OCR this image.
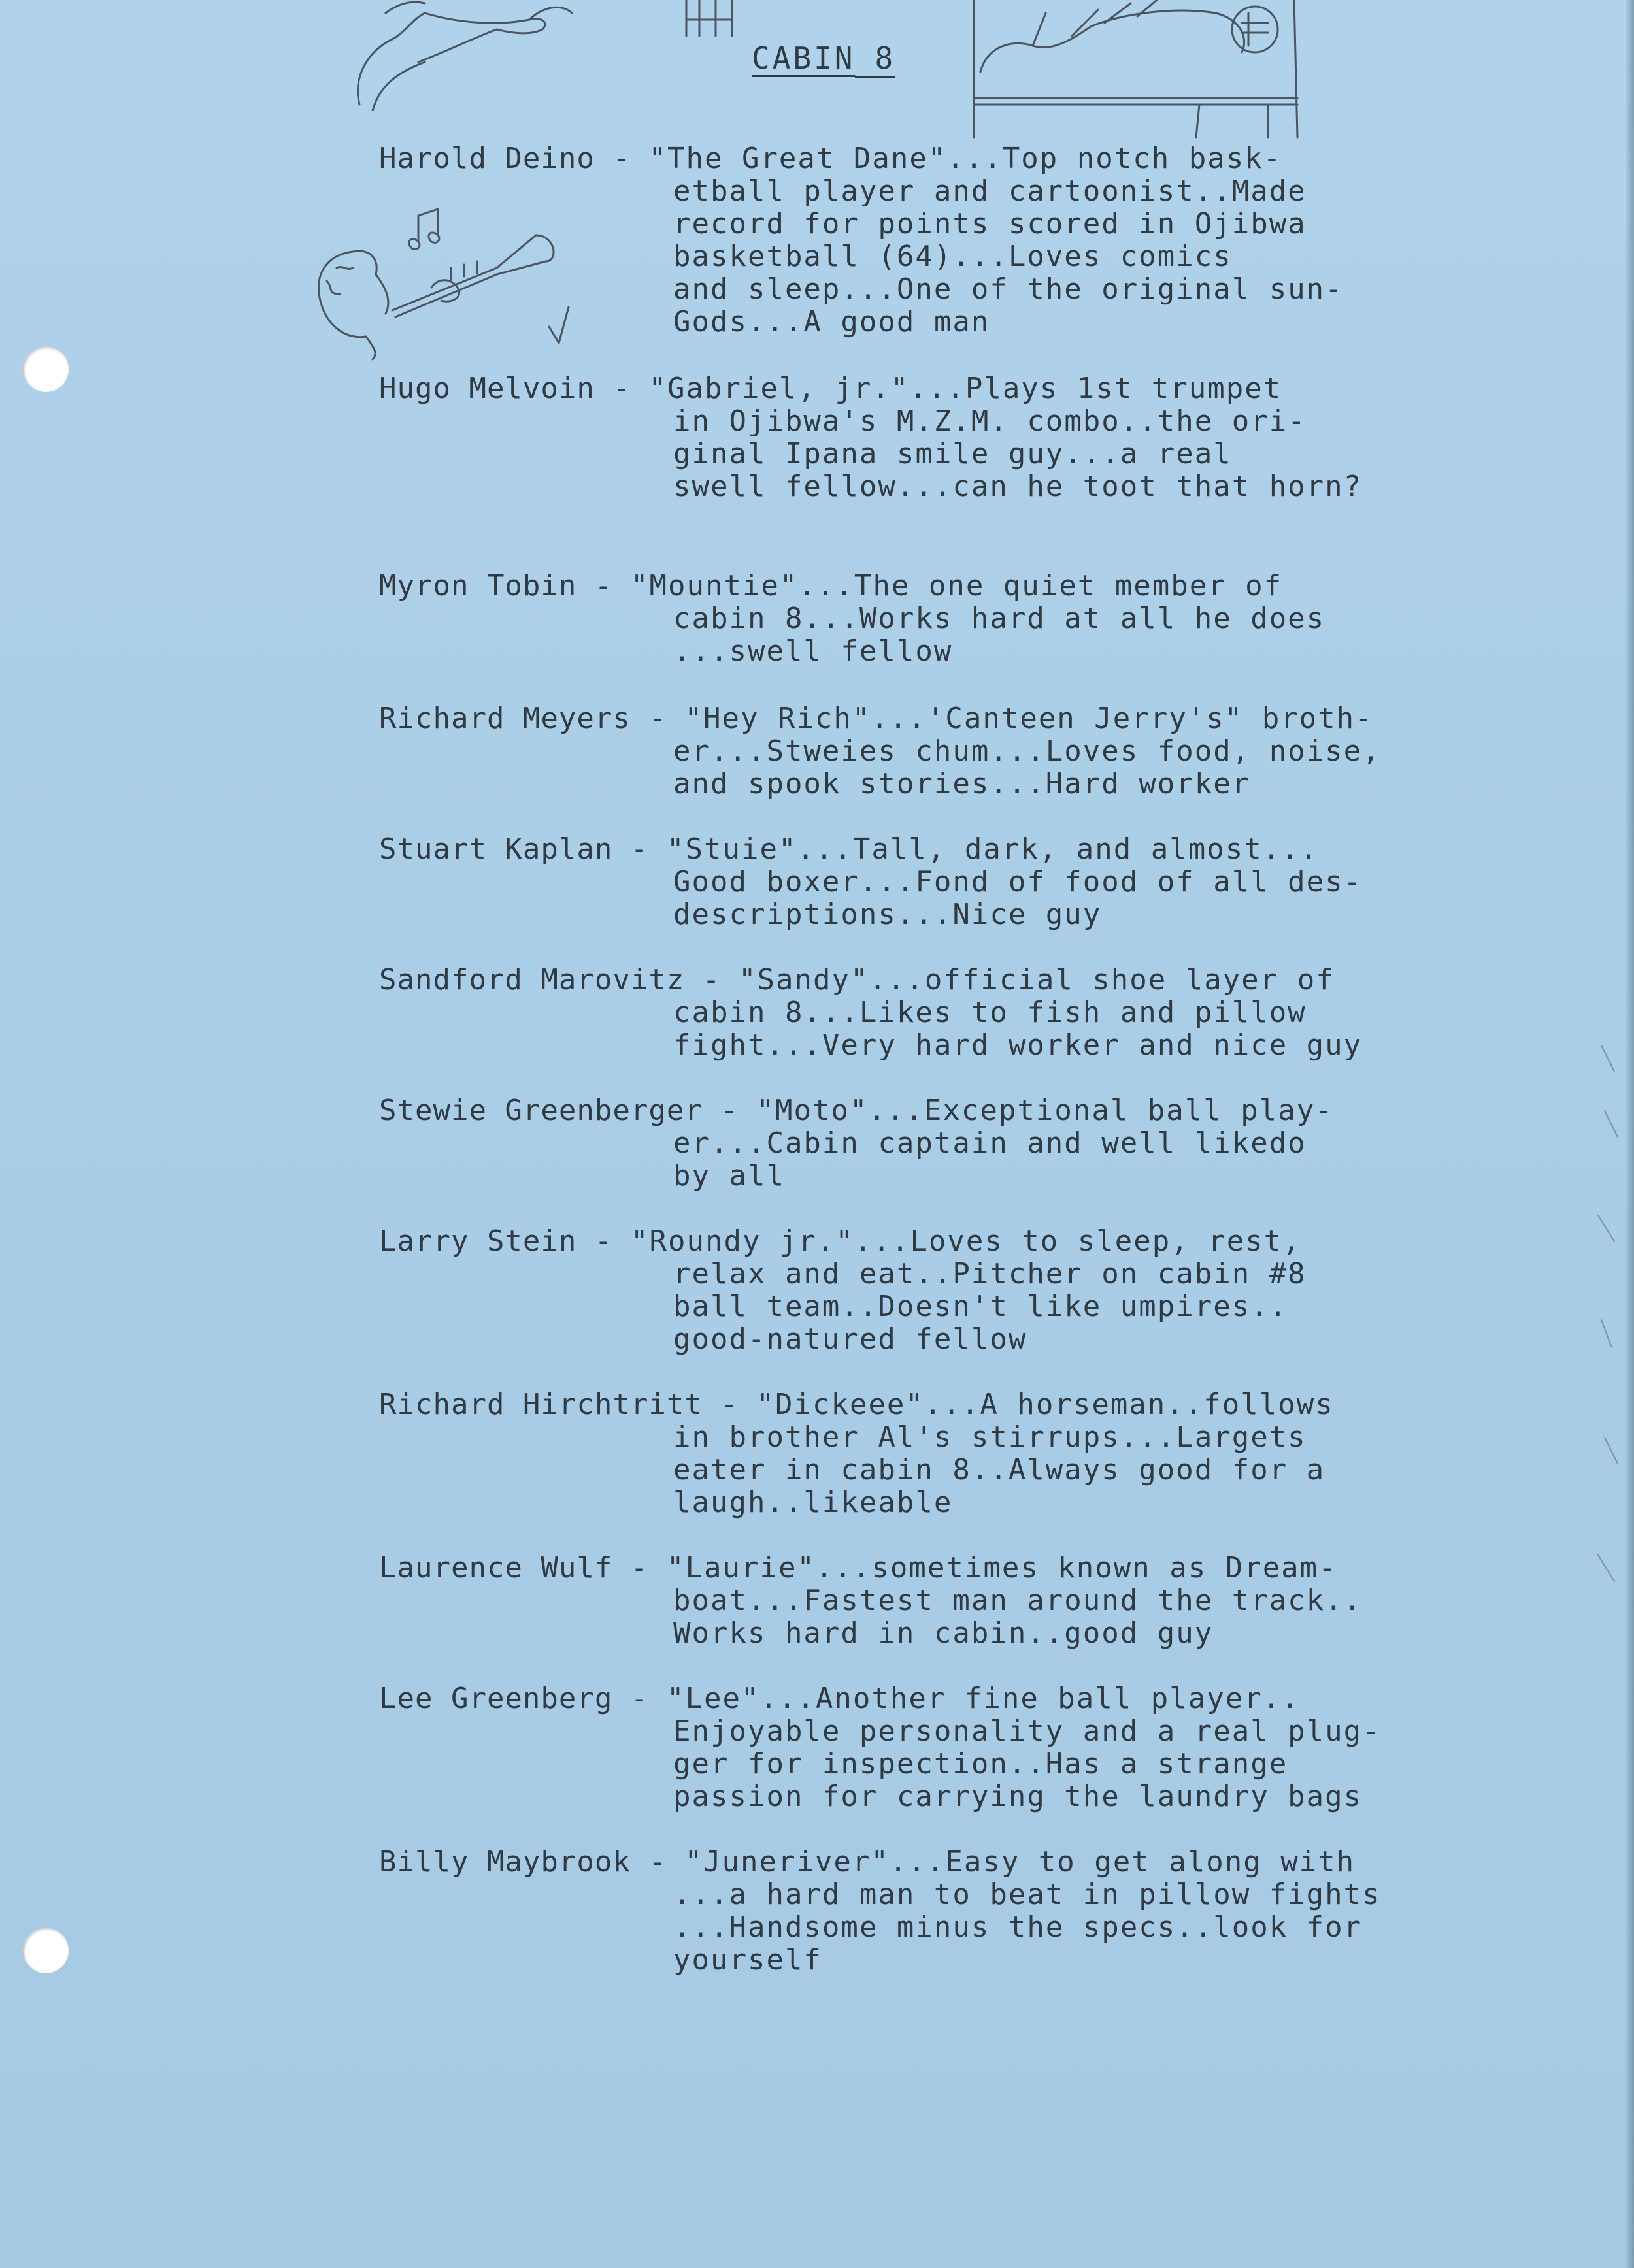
CABIN 8
Harold Deino - "The Great Dane"...Top notch bask-
etball player and cartoonist..Made
record for points scored in Ojibwa
basketball (64)...Loves comics
and sleep...One of the original sun-
Gods...A good man
Hugo Melvoin - "Gabriel, jr."...Plays 1st trumpet
in Ojibwa's M.Z.M. combo..the ori-
ginal Ipana smile guy...a real
swell fellow...can he toot that horn?
Myron Tobin - "Mountie"...The one quiet member of
cabin 8...Works hard at all he does
...swell fellow
Richard Meyers - "Hey Rich"...'Canteen Jerry's" broth-
er...Stweies chum...Loves food, noise,
and spook stories...Hard worker
Stuart Kaplan - "Stuie"...Tall, dark, and almost...
Good boxer...Fond of food of all des-
descriptions...Nice guy
Sandford Marovitz - "Sandy"...official shoe layer of
cabin 8...Likes to fish and pillow
fight...Very hard worker and nice guy
Stewie Greenberger - "Moto"...Exceptional ball play-
er...Cabin captain and well likedo
by all
Larry Stein - "Roundy jr."...Loves to sleep, rest,
relax and eat..Pitcher on cabin #8
ball team..Doesn't like umpires..
good-natured fellow
Richard Hirchtritt - "Dickeee"...A horseman..follows
in brother Al's stirrups...Largets
eater in cabin 8..Always good for a
laugh..likeable
Laurence Wulf - "Laurie"...sometimes known as Dream-
boat...Fastest man around the track..
Works hard in cabin..good guy
Lee Greenberg - "Lee"...Another fine ball player..
Enjoyable personality and a real plug-
ger for inspection..Has a strange
passion for carrying the laundry bags
Billy Maybrook - "Juneriver"...Easy to get along with
...a hard man to beat in pillow fights
...Handsome minus the specs..look for
yourself
